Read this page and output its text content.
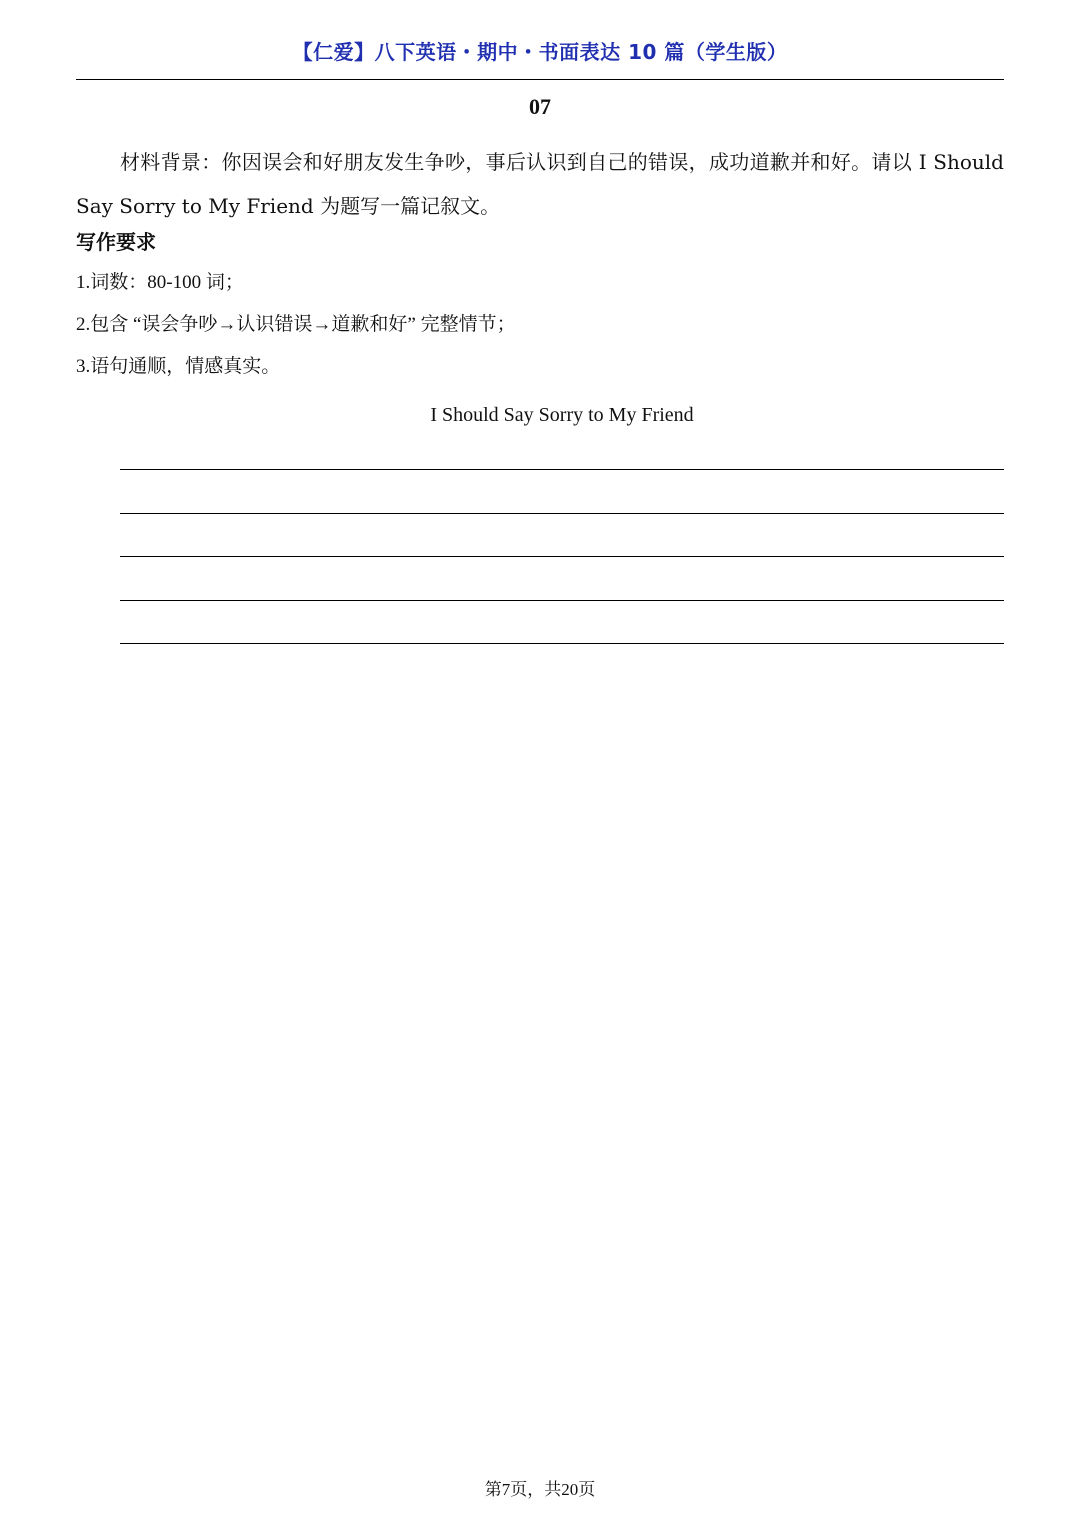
【仁爱】八下英语・期中・书面表达 10 篇（学生版）
07
材料背景：你因误会和好朋友发生争吵，事后认识到自己的错误，成功道歉并和好。请以 I Should Say Sorry to My Friend 为题写一篇记叙文。
写作要求
1.词数：80-100 词；
2.包含 “误会争吵→认识错误→道歉和好” 完整情节；
3.语句通顺，情感真实。
I Should Say Sorry to My Friend
第7页，共20页
